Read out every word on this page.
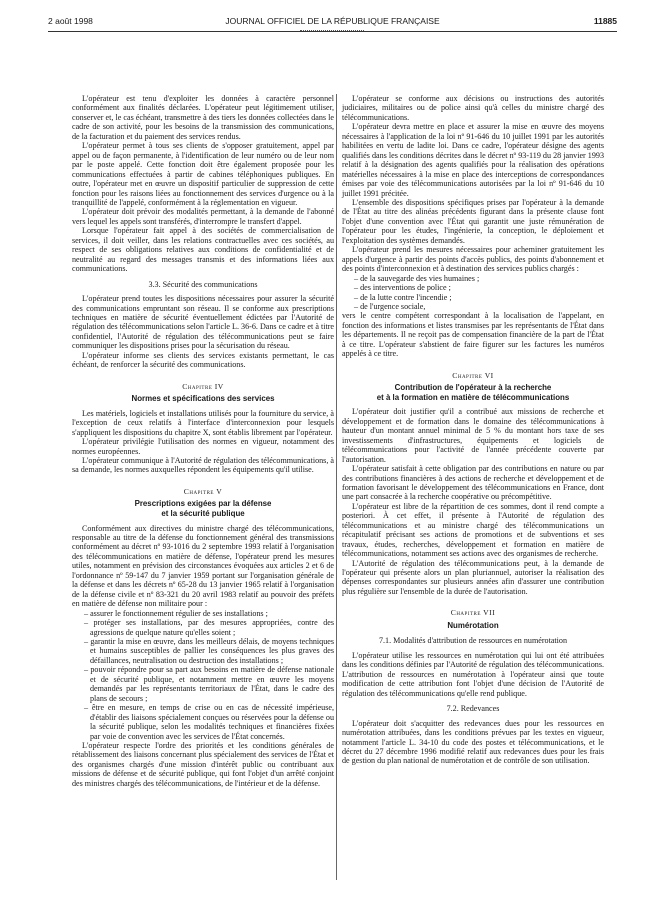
2 août 1998	JOURNAL OFFICIEL DE LA RÉPUBLIQUE FRANÇAISE	11885

L'opérateur est tenu d'exploiter les données à caractère personnel conformément aux finalités déclarées. L'opérateur peut légitimement utiliser, conserver et, le cas échéant, transmettre à des tiers les données collectées dans le cadre de son activité, pour les besoins de la transmission des communications, de la facturation et du paiement des services rendus.

L'opérateur permet à tous ses clients de s'opposer gratuitement, appel par appel ou de façon permanente, à l'identification de leur numéro ou de leur nom par le poste appelé. Cette fonction doit être également proposée pour les communications effectuées à partir de cabines téléphoniques publiques. En outre, l'opérateur met en œuvre un dispositif particulier de suppression de cette fonction pour les raisons liées au fonctionnement des services d'urgence ou à la tranquillité de l'appelé, conformément à la réglementation en vigueur.

L'opérateur doit prévoir des modalités permettant, à la demande de l'abonné vers lequel les appels sont transférés, d'interrompre le transfert d'appel.

Lorsque l'opérateur fait appel à des sociétés de commercialisation de services, il doit veiller, dans les relations contractuelles avec ces sociétés, au respect de ses obligations relatives aux conditions de confidentialité et de neutralité au regard des messages transmis et des informations liées aux communications.

3.3. Sécurité des communications

L'opérateur prend toutes les dispositions nécessaires pour assurer la sécurité des communications empruntant son réseau. Il se conforme aux prescriptions techniques en matière de sécurité éventuellement édictées par l'Autorité de régulation des télécommunications selon l'article L. 36-6. Dans ce cadre et à titre confidentiel, l'Autorité de régulation des télécommunications peut se faire communiquer les dispositions prises pour la sécurisation du réseau.

L'opérateur informe ses clients des services existants permettant, le cas échéant, de renforcer la sécurité des communications.

Chapitre IV

Normes et spécifications des services

Les matériels, logiciels et installations utilisés pour la fourniture du service, à l'exception de ceux relatifs à l'interface d'interconnexion pour lesquels s'appliquent les dispositions du chapitre X, sont établis librement par l'opérateur.

L'opérateur privilégie l'utilisation des normes en vigueur, notamment des normes européennes.

L'opérateur communique à l'Autorité de régulation des télécommunications, à sa demande, les normes auxquelles répondent les équipements qu'il utilise.

Chapitre V

Prescriptions exigées par la défense
et la sécurité publique

Conformément aux directives du ministre chargé des télécommunications, responsable au titre de la défense du fonctionnement général des transmissions conformément au décret nº 93-1016 du 2 septembre 1993 relatif à l'organisation des télécommunications en matière de défense, l'opérateur prend les mesures utiles, notamment en prévision des circonstances évoquées aux articles 2 et 6 de l'ordonnance nº 59-147 du 7 janvier 1959 portant sur l'organisation générale de la défense et dans les décrets nº 65-28 du 13 janvier 1965 relatif à l'organisation de la défense civile et nº 83-321 du 20 avril 1983 relatif au pouvoir des préfets en matière de défense non militaire pour :

– assurer le fonctionnement régulier de ses installations ;
– protéger ses installations, par des mesures appropriées, contre des agressions de quelque nature qu'elles soient ;
– garantir la mise en œuvre, dans les meilleurs délais, de moyens techniques et humains susceptibles de pallier les conséquences les plus graves des défaillances, neutralisation ou destruction des installations ;
– pouvoir répondre pour sa part aux besoins en matière de défense nationale et de sécurité publique, et notamment mettre en œuvre les moyens demandés par les représentants territoriaux de l'État, dans le cadre des plans de secours ;
– être en mesure, en temps de crise ou en cas de nécessité impérieuse, d'établir des liaisons spécialement conçues ou réservées pour la défense ou la sécurité publique, selon les modalités techniques et financières fixées par voie de convention avec les services de l'État concernés.

L'opérateur respecte l'ordre des priorités et les conditions générales de rétablissement des liaisons concernant plus spécialement des services de l'État et des organismes chargés d'une mission d'intérêt public ou contribuant aux missions de défense et de sécurité publique, qui font l'objet d'un arrêté conjoint des ministres chargés des télécommunications, de l'intérieur et de la défense.

L'opérateur se conforme aux décisions ou instructions des autorités judiciaires, militaires ou de police ainsi qu'à celles du ministre chargé des télécommunications.

L'opérateur devra mettre en place et assurer la mise en œuvre des moyens nécessaires à l'application de la loi nº 91-646 du 10 juillet 1991 par les autorités habilitées en vertu de ladite loi. Dans ce cadre, l'opérateur désigne des agents qualifiés dans les conditions décrites dans le décret nº 93-119 du 28 janvier 1993 relatif à la désignation des agents qualifiés pour la réalisation des opérations matérielles nécessaires à la mise en place des interceptions de correspondances émises par voie des télécommunications autorisées par la loi nº 91-646 du 10 juillet 1991 précitée.

L'ensemble des dispositions spécifiques prises par l'opérateur à la demande de l'État au titre des alinéas précédents figurant dans la présente clause font l'objet d'une convention avec l'État qui garantit une juste rémunération de l'opérateur pour les études, l'ingénierie, la conception, le déploiement et l'exploitation des systèmes demandés.

L'opérateur prend les mesures nécessaires pour acheminer gratuitement les appels d'urgence à partir des points d'accès publics, des points d'abonnement et des points d'interconnexion et à destination des services publics chargés :

– de la sauvegarde des vies humaines ;
– des interventions de police ;
– de la lutte contre l'incendie ;
– de l'urgence sociale,

vers le centre compétent correspondant à la localisation de l'appelant, en fonction des informations et listes transmises par les représentants de l'État dans les départements. Il ne reçoit pas de compensation financière de la part de l'État à ce titre. L'opérateur s'abstient de faire figurer sur les factures les numéros appelés à ce titre.

Chapitre VI

Contribution de l'opérateur à la recherche
et à la formation en matière de télécommunications

L'opérateur doit justifier qu'il a contribué aux missions de recherche et développement et de formation dans le domaine des télécommunications à hauteur d'un montant annuel minimal de 5 % du montant hors taxe de ses investissements d'infrastructures, équipements et logiciels de télécommunications pour l'activité de l'année précédente couverte par l'autorisation.

L'opérateur satisfait à cette obligation par des contributions en nature ou par des contributions financières à des actions de recherche et développement et de formation favorisant le développement des télécommunications en France, dont une part consacrée à la recherche coopérative ou précompétitive.

L'opérateur est libre de la répartition de ces sommes, dont il rend compte a posteriori. À cet effet, il présente à l'Autorité de régulation des télécommunications et au ministre chargé des télécommunications un récapitulatif précisant ses actions de promotions et de subventions et ses travaux, études, recherches, développement et formation en matière de télécommunications, notamment ses actions avec des organismes de recherche.

L'Autorité de régulation des télécommunications peut, à la demande de l'opérateur qui présente alors un plan pluriannuel, autoriser la réalisation des dépenses correspondantes sur plusieurs années afin d'assurer une contribution plus régulière sur l'ensemble de la durée de l'autorisation.

Chapitre VII

Numérotation

7.1. Modalités d'attribution de ressources en numérotation

L'opérateur utilise les ressources en numérotation qui lui ont été attribuées dans les conditions définies par l'Autorité de régulation des télécommunications. L'attribution de ressources en numérotation à l'opérateur ainsi que toute modification de cette attribution font l'objet d'une décision de l'Autorité de régulation des télécommunications qu'elle rend publique.

7.2. Redevances

L'opérateur doit s'acquitter des redevances dues pour les ressources en numérotation attribuées, dans les conditions prévues par les textes en vigueur, notamment l'article L. 34-10 du code des postes et télécommunications, et le décret du 27 décembre 1996 modifié relatif aux redevances dues pour les frais de gestion du plan national de numérotation et de contrôle de son utilisation.
